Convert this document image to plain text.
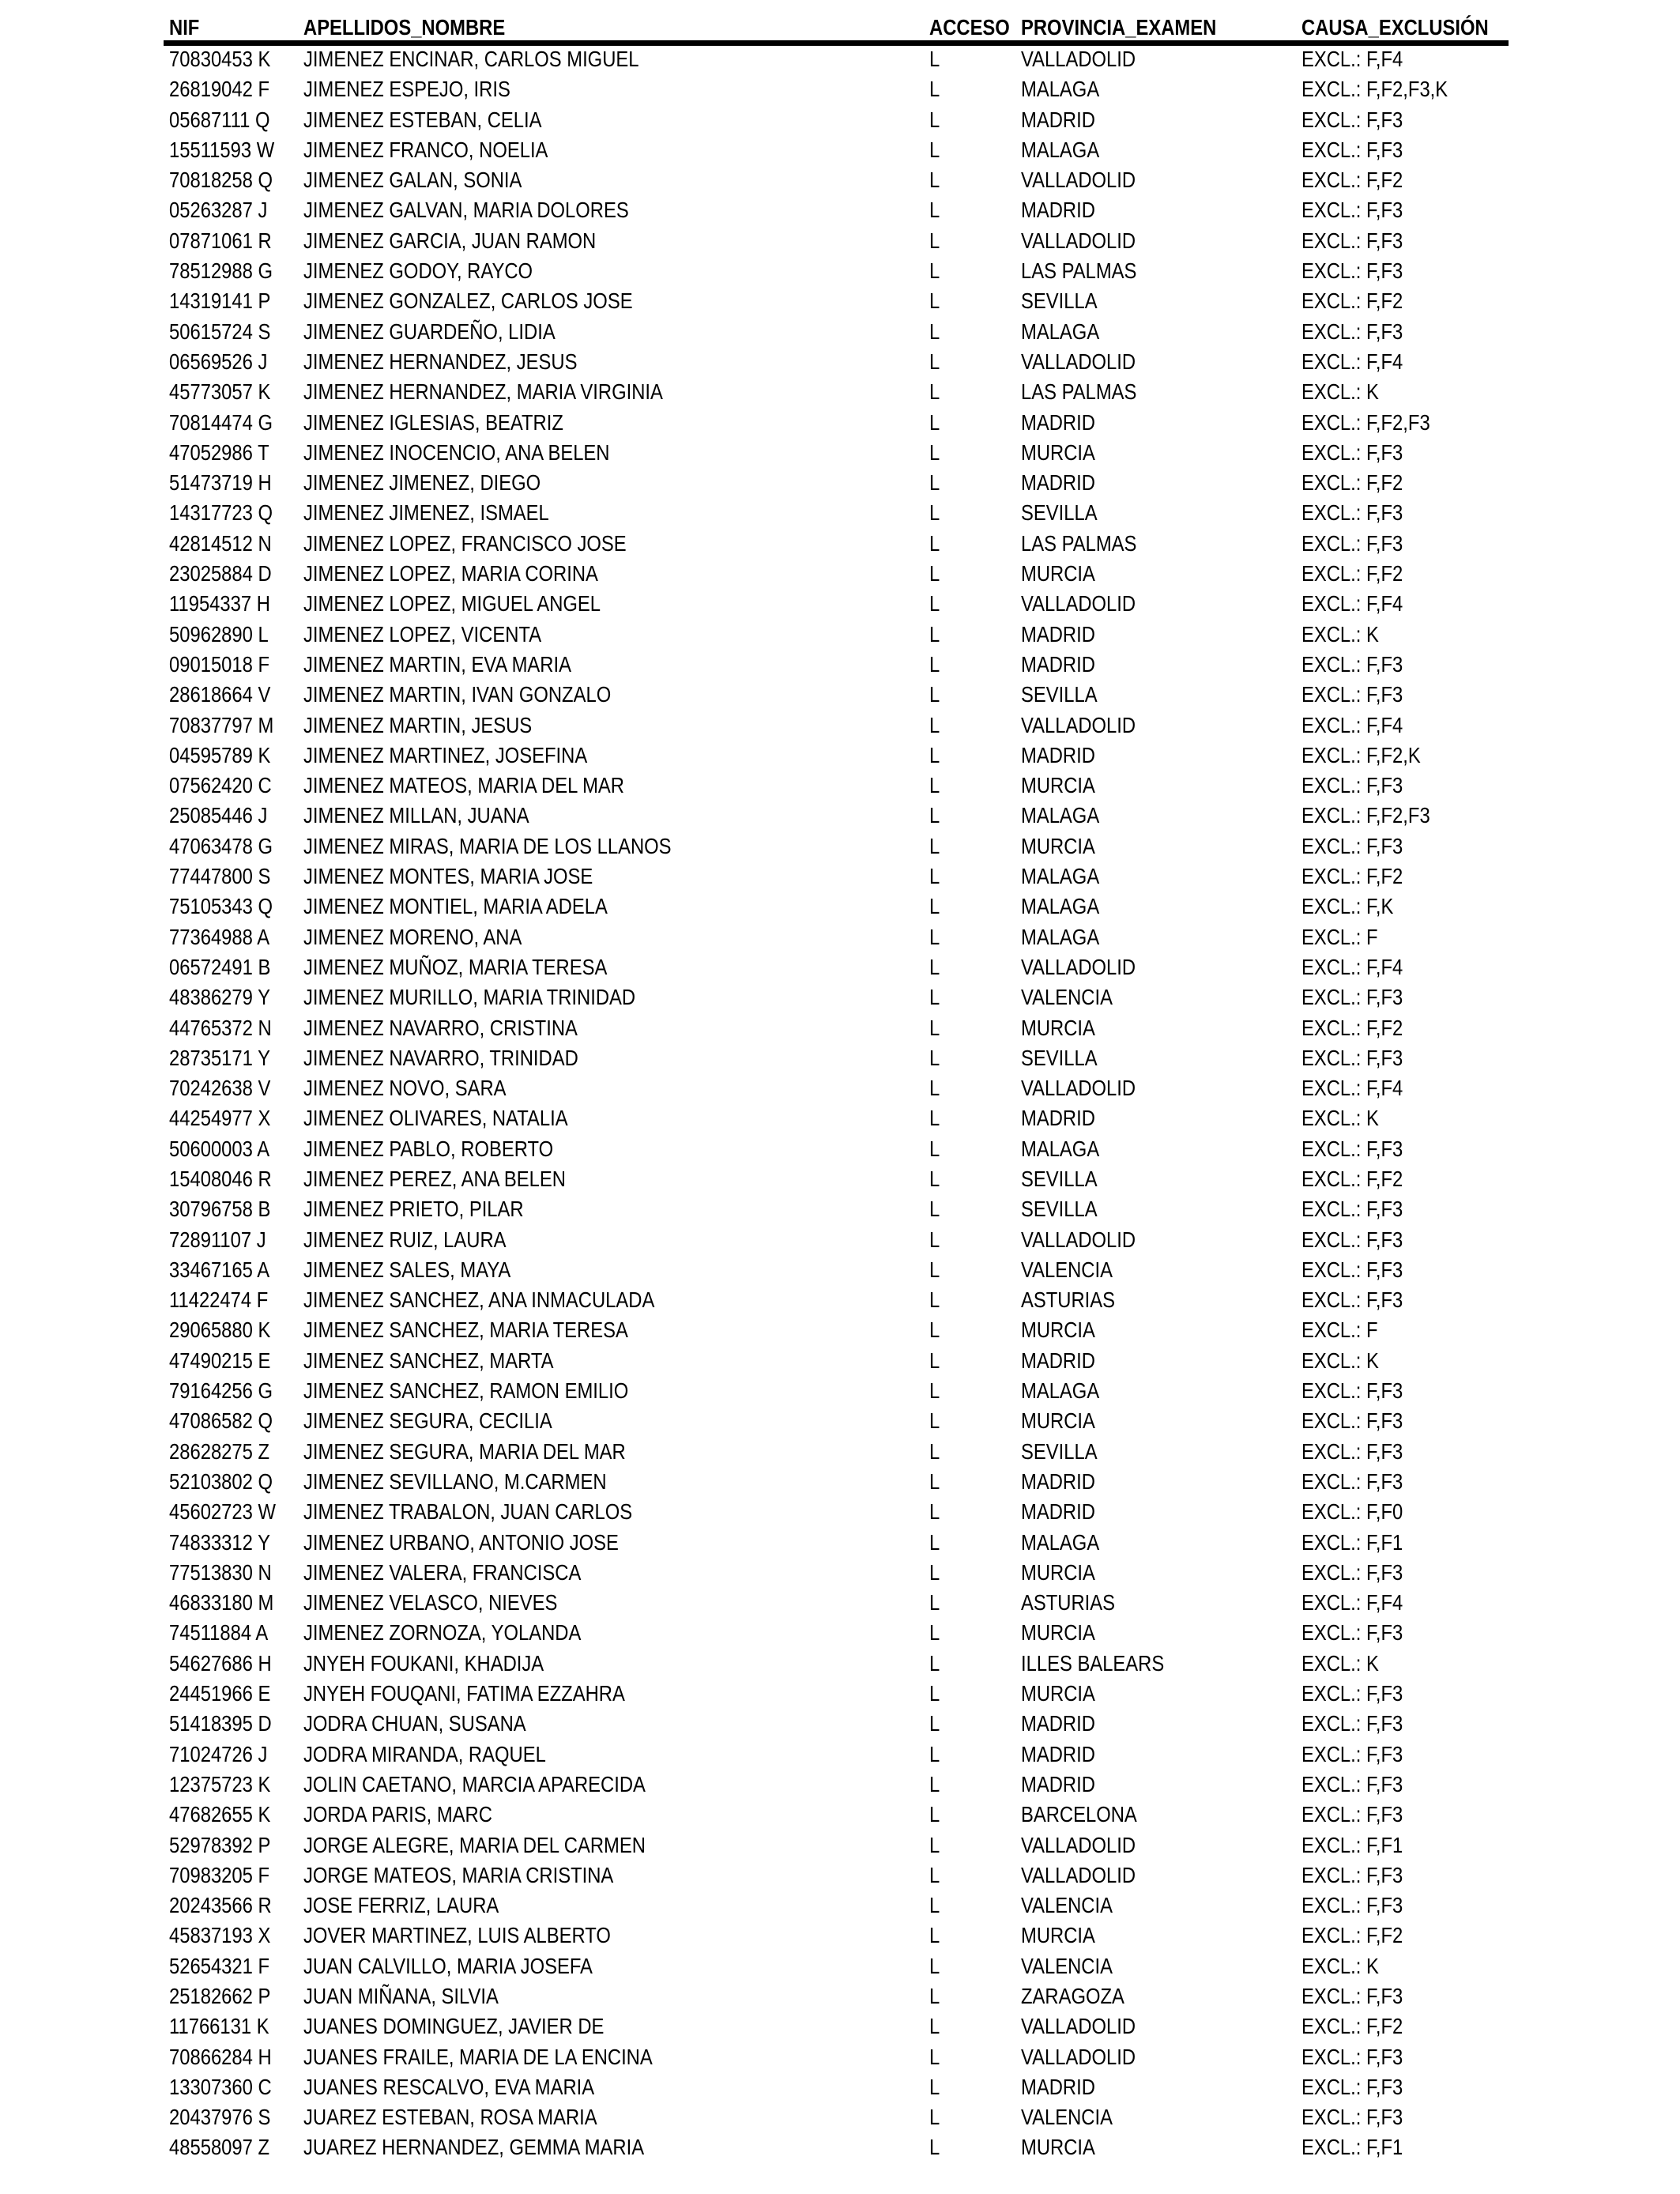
NIF	APELLIDOS_NOMBRE	ACCESO PROVINCIA_EXAMEN	CAUSA_EXCLUSIÓN
70830453 K JIMENEZ ENCINAR, CARLOS MIGUEL	L	VALLADOLID	EXCL.: F,F4
26819042 F JIMENEZ ESPEJO, IRIS	L	MALAGA	EXCL.: F,F2,F3,K
05687111 Q JIMENEZ ESTEBAN, CELIA	L	MADRID	EXCL.: F,F3
15511593 W JIMENEZ FRANCO, NOELIA	L	MALAGA	EXCL.: F,F3
70818258 Q JIMENEZ GALAN, SONIA	L	VALLADOLID	EXCL.: F,F2
05263287 J JIMENEZ GALVAN, MARIA DOLORES	L	MADRID	EXCL.: F,F3
07871061 R JIMENEZ GARCIA, JUAN RAMON	L	VALLADOLID	EXCL.: F,F3
78512988 G JIMENEZ GODOY, RAYCO	L	LAS PALMAS	EXCL.: F,F3
14319141 P JIMENEZ GONZALEZ, CARLOS JOSE	L	SEVILLA	EXCL.: F,F2
50615724 S JIMENEZ GUARDEÑO, LIDIA	L	MALAGA	EXCL.: F,F3
06569526 J JIMENEZ HERNANDEZ, JESUS	L	VALLADOLID	EXCL.: F,F4
45773057 K JIMENEZ HERNANDEZ, MARIA VIRGINIA	L	LAS PALMAS	EXCL.: K
70814474 G JIMENEZ IGLESIAS, BEATRIZ	L	MADRID	EXCL.: F,F2,F3
47052986 T JIMENEZ INOCENCIO, ANA BELEN	L	MURCIA	EXCL.: F,F3
51473719 H JIMENEZ JIMENEZ, DIEGO	L	MADRID	EXCL.: F,F2
14317723 Q JIMENEZ JIMENEZ, ISMAEL	L	SEVILLA	EXCL.: F,F3
42814512 N JIMENEZ LOPEZ, FRANCISCO JOSE	L	LAS PALMAS	EXCL.: F,F3
23025884 D JIMENEZ LOPEZ, MARIA CORINA	L	MURCIA	EXCL.: F,F2
11954337 H JIMENEZ LOPEZ, MIGUEL ANGEL	L	VALLADOLID	EXCL.: F,F4
50962890 L JIMENEZ LOPEZ, VICENTA	L	MADRID	EXCL.: K
09015018 F JIMENEZ MARTIN, EVA MARIA	L	MADRID	EXCL.: F,F3
28618664 V JIMENEZ MARTIN, IVAN GONZALO	L	SEVILLA	EXCL.: F,F3
70837797 M JIMENEZ MARTIN, JESUS	L	VALLADOLID	EXCL.: F,F4
04595789 K JIMENEZ MARTINEZ, JOSEFINA	L	MADRID	EXCL.: F,F2,K
07562420 C JIMENEZ MATEOS, MARIA DEL MAR	L	MURCIA	EXCL.: F,F3
25085446 J JIMENEZ MILLAN, JUANA	L	MALAGA	EXCL.: F,F2,F3
47063478 G JIMENEZ MIRAS, MARIA DE LOS LLANOS	L	MURCIA	EXCL.: F,F3
77447800 S JIMENEZ MONTES, MARIA JOSE	L	MALAGA	EXCL.: F,F2
75105343 Q JIMENEZ MONTIEL, MARIA ADELA	L	MALAGA	EXCL.: F,K
77364988 A JIMENEZ MORENO, ANA	L	MALAGA	EXCL.: F
06572491 B JIMENEZ MUÑOZ, MARIA TERESA	L	VALLADOLID	EXCL.: F,F4
48386279 Y JIMENEZ MURILLO, MARIA TRINIDAD	L	VALENCIA	EXCL.: F,F3
44765372 N JIMENEZ NAVARRO, CRISTINA	L	MURCIA	EXCL.: F,F2
28735171 Y JIMENEZ NAVARRO, TRINIDAD	L	SEVILLA	EXCL.: F,F3
70242638 V JIMENEZ NOVO, SARA	L	VALLADOLID	EXCL.: F,F4
44254977 X JIMENEZ OLIVARES, NATALIA	L	MADRID	EXCL.: K
50600003 A JIMENEZ PABLO, ROBERTO	L	MALAGA	EXCL.: F,F3
15408046 R JIMENEZ PEREZ, ANA BELEN	L	SEVILLA	EXCL.: F,F2
30796758 B JIMENEZ PRIETO, PILAR	L	SEVILLA	EXCL.: F,F3
72891107 J JIMENEZ RUIZ, LAURA	L	VALLADOLID	EXCL.: F,F3
33467165 A JIMENEZ SALES, MAYA	L	VALENCIA	EXCL.: F,F3
11422474 F JIMENEZ SANCHEZ, ANA INMACULADA	L	ASTURIAS	EXCL.: F,F3
29065880 K JIMENEZ SANCHEZ, MARIA TERESA	L	MURCIA	EXCL.: F
47490215 E JIMENEZ SANCHEZ, MARTA	L	MADRID	EXCL.: K
79164256 G JIMENEZ SANCHEZ, RAMON EMILIO	L	MALAGA	EXCL.: F,F3
47086582 Q JIMENEZ SEGURA, CECILIA	L	MURCIA	EXCL.: F,F3
28628275 Z JIMENEZ SEGURA, MARIA DEL MAR	L	SEVILLA	EXCL.: F,F3
52103802 Q JIMENEZ SEVILLANO, M.CARMEN	L	MADRID	EXCL.: F,F3
45602723 W JIMENEZ TRABALON, JUAN CARLOS	L	MADRID	EXCL.: F,F0
74833312 Y JIMENEZ URBANO, ANTONIO JOSE	L	MALAGA	EXCL.: F,F1
77513830 N JIMENEZ VALERA, FRANCISCA	L	MURCIA	EXCL.: F,F3
46833180 M JIMENEZ VELASCO, NIEVES	L	ASTURIAS	EXCL.: F,F4
74511884 A JIMENEZ ZORNOZA, YOLANDA	L	MURCIA	EXCL.: F,F3
54627686 H JNYEH FOUKANI, KHADIJA	L	ILLES BALEARS	EXCL.: K
24451966 E JNYEH FOUQANI, FATIMA EZZAHRA	L	MURCIA	EXCL.: F,F3
51418395 D JODRA CHUAN, SUSANA	L	MADRID	EXCL.: F,F3
71024726 J JODRA MIRANDA, RAQUEL	L	MADRID	EXCL.: F,F3
12375723 K JOLIN CAETANO, MARCIA APARECIDA	L	MADRID	EXCL.: F,F3
47682655 K JORDA PARIS, MARC	L	BARCELONA	EXCL.: F,F3
52978392 P JORGE ALEGRE, MARIA DEL CARMEN	L	VALLADOLID	EXCL.: F,F1
70983205 F JORGE MATEOS, MARIA CRISTINA	L	VALLADOLID	EXCL.: F,F3
20243566 R JOSE FERRIZ, LAURA	L	VALENCIA	EXCL.: F,F3
45837193 X JOVER MARTINEZ, LUIS ALBERTO	L	MURCIA	EXCL.: F,F2
52654321 F JUAN CALVILLO, MARIA JOSEFA	L	VALENCIA	EXCL.: K
25182662 P JUAN MIÑANA, SILVIA	L	ZARAGOZA	EXCL.: F,F3
11766131 K JUANES DOMINGUEZ, JAVIER DE	L	VALLADOLID	EXCL.: F,F2
70866284 H JUANES FRAILE, MARIA DE LA ENCINA	L	VALLADOLID	EXCL.: F,F3
13307360 C JUANES RESCALVO, EVA MARIA	L	MADRID	EXCL.: F,F3
20437976 S JUAREZ ESTEBAN, ROSA MARIA	L	VALENCIA	EXCL.: F,F3
48558097 Z JUAREZ HERNANDEZ, GEMMA MARIA	L	MURCIA	EXCL.: F,F1
